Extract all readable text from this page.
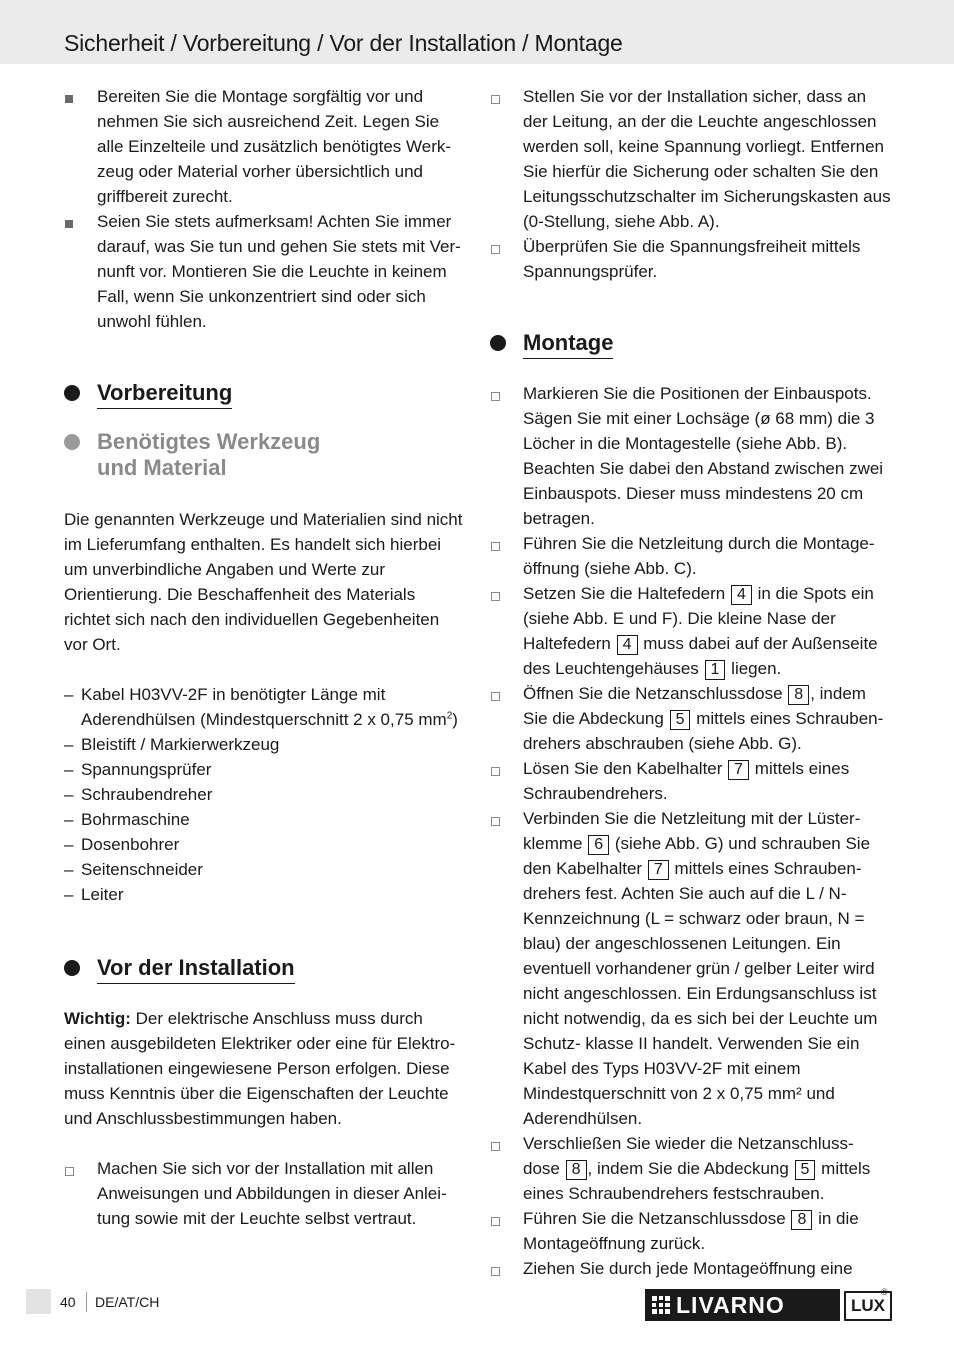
Sicherheit / Vorbereitung / Vor der Installation / Montage
Bereiten Sie die Montage sorgfältig vor und nehmen Sie sich ausreichend Zeit. Legen Sie alle Einzelteile und zusätzlich benötigtes Werk- zeug oder Material vorher übersichtlich und griffbereit zurecht.
Seien Sie stets aufmerksam! Achten Sie immer darauf, was Sie tun und gehen Sie stets mit Ver- nunft vor. Montieren Sie die Leuchte in keinem Fall, wenn Sie unkonzentriert sind oder sich unwohl fühlen.
Vorbereitung
Benötigtes Werkzeug und Material
Die genannten Werkzeuge und Materialien sind nicht im Lieferumfang enthalten. Es handelt sich hierbei um unverbindliche Angaben und Werte zur Orientierung. Die Beschaffenheit des Materials richtet sich nach den individuellen Gegebenheiten vor Ort.
– Kabel H03VV-2F in benötigter Länge mit Aderendhülsen (Mindestquerschnitt 2 x 0,75 $mm^2$)
– Bleistift / Markierwerkzeug
– Spannungsprüfer
– Schraubendreher
– Bohrmaschine
– Dosenbohrer
– Seitenschneider
– Leiter
Vor der Installation
Wichtig: Der elektrische Anschluss muss durch einen ausgebildeten Elektriker oder eine für Elektro- installationen eingewiesene Person erfolgen. Diese muss Kenntnis über die Eigenschaften der Leuchte und Anschlussbestimmungen haben.
Machen Sie sich vor der Installation mit allen Anweisungen und Abbildungen in dieser Anlei- tung sowie mit der Leuchte selbst vertraut.
Stellen Sie vor der Installation sicher, dass an der Leitung, an der die Leuchte angeschlossen werden soll, keine Spannung vorliegt. Entfernen Sie hierfür die Sicherung oder schalten Sie den Leitungsschutzschalter im Sicherungskasten aus (0-Stellung, siehe Abb. A).
Überprüfen Sie die Spannungsfreiheit mittels Spannungsprüfer.
Montage
Markieren Sie die Positionen der Einbauspots. Sägen Sie mit einer Lochsäge (ø 68 mm) die 3 Löcher in die Montagestelle (siehe Abb. B). Beachten Sie dabei den Abstand zwischen zwei Einbauspots. Dieser muss mindestens 20 cm betragen.
Führen Sie die Netzleitung durch die Montage- öffnung (siehe Abb. C).
Setzen Sie die Haltefedern 4 in die Spots ein (siehe Abb. E und F). Die kleine Nase der Haltefedern 4 muss dabei auf der Außenseite des Leuchtengehäuses 1 liegen.
Öffnen Sie die Netzanschlussdose 8 , indem Sie die Abdeckung 5 mittels eines Schrauben- drehers abschrauben (siehe Abb. G).
Lösen Sie den Kabelhalter 7 mittels eines Schraubendrehers.
Verbinden Sie die Netzleitung mit der Lüster- klemme 6 (siehe Abb. G) und schrauben Sie den Kabelhalter 7 mittels eines Schrauben- drehers fest. Achten Sie auch auf die L / N- Kennzeichnung (L = schwarz oder braun, N = blau) der angeschlossenen Leitungen. Ein eventuell vorhandener grün / gelber Leiter wird nicht angeschlossen. Ein Erdungsanschluss ist nicht notwendig, da es sich bei der Leuchte um Schutz- klasse II handelt. Verwenden Sie ein Kabel des Typs H03VV-2F mit einem Mindestquerschnitt von 2 x 0,75 mm² und Aderendhülsen.
Verschließen Sie wieder die Netzanschluss- dose 8 , indem Sie die Abdeckung 5 mittels eines Schraubendrehers festschrauben.
Führen Sie die Netzanschlussdose 8 in die Montageöffnung zurück.
Ziehen Sie durch jede Montageöffnung eine
40 DE/AT/CH	LIVARNO	LUX
®
